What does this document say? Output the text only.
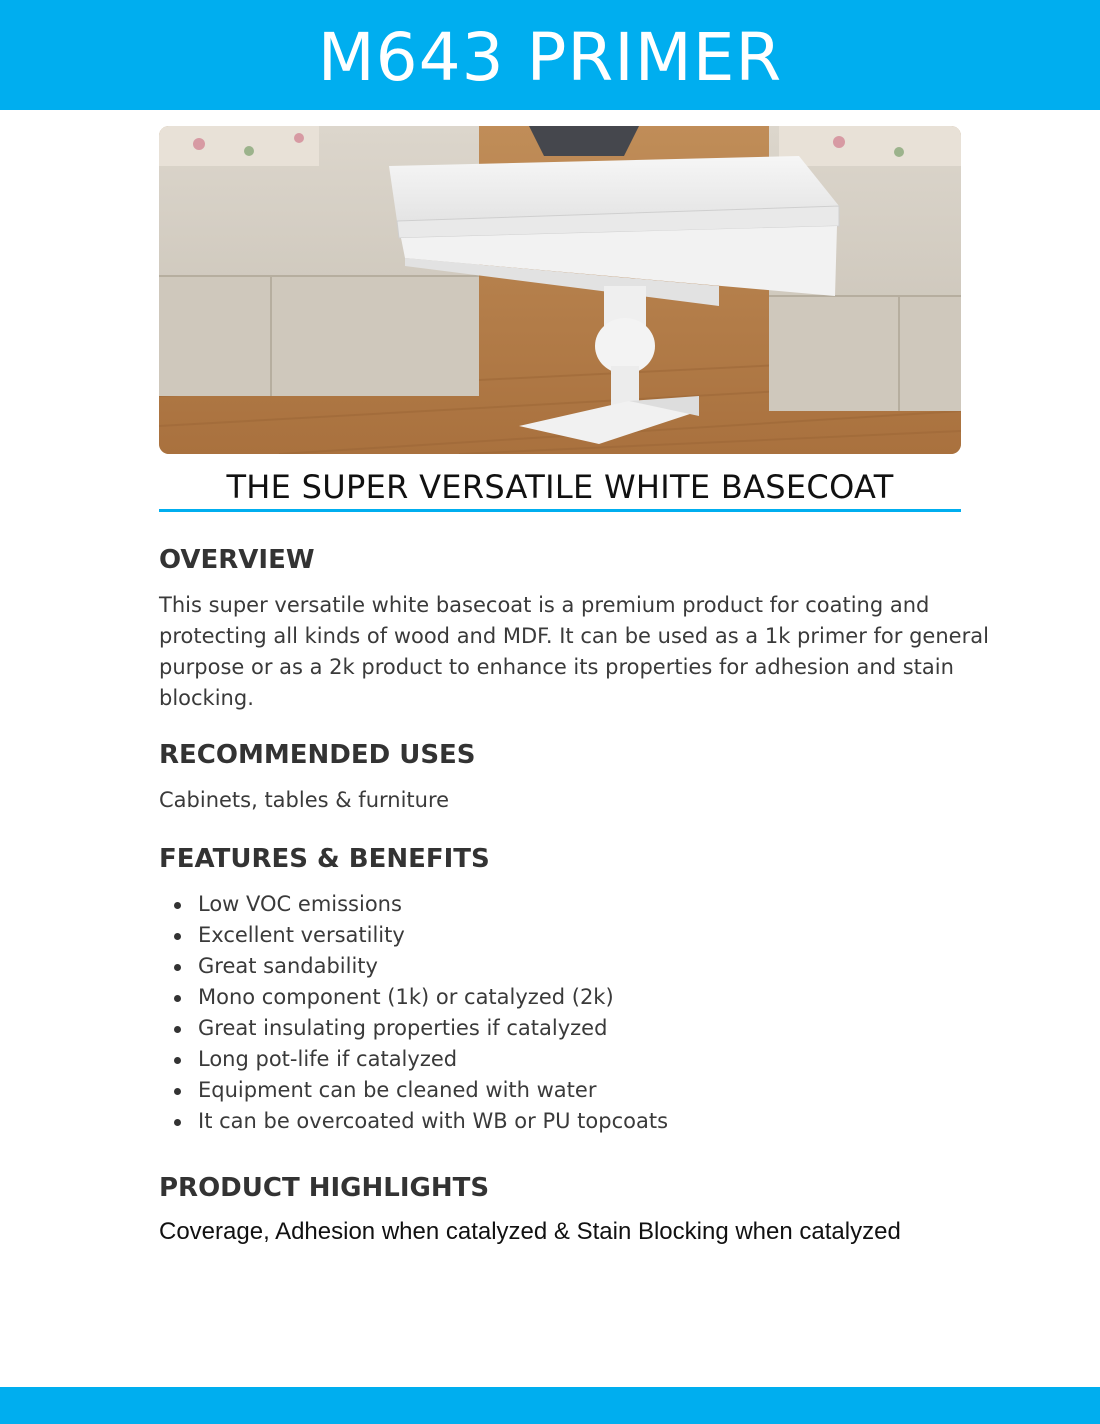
M643 PRIMER
THE SUPER VERSATILE WHITE BASECOAT
OVERVIEW

This super versatile white basecoat is a premium product for coating and protecting all kinds of wood and MDF. It can be used as a 1k primer for general purpose or as a 2k product to enhance its properties for adhesion and stain blocking.

RECOMMENDED USES

Cabinets, tables & furniture

FEATURES & BENEFITS
Low VOC emissions
Excellent versatility
Great sandability
Mono component (1k) or catalyzed (2k)
Great insulating properties if catalyzed
Long pot-life if catalyzed
Equipment can be cleaned with water
It can be overcoated with WB or PU topcoats
PRODUCT HIGHLIGHTS

Coverage, Adhesion when catalyzed & Stain Blocking when catalyzed
